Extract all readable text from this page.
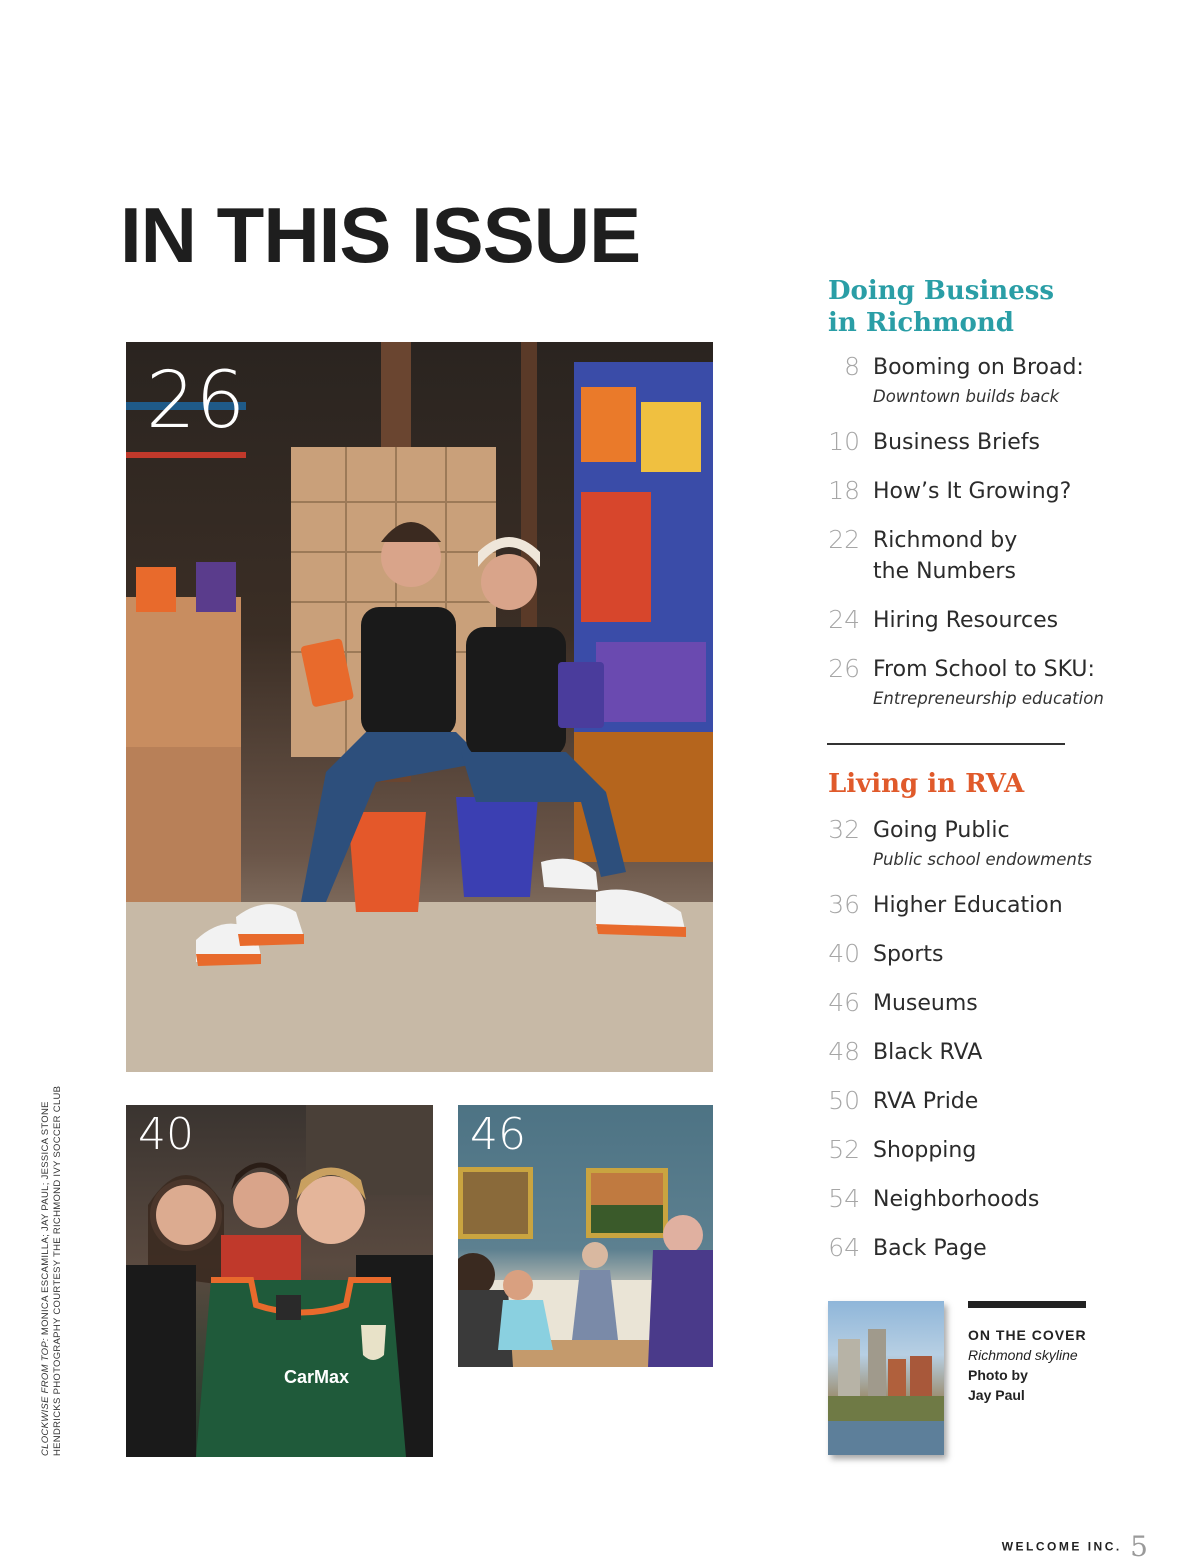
IN THIS ISSUE
26
CarMax
40	46
CLOCKWISE FROM TOP: MONICA ESCAMILLA; JAY PAUL; JESSICA STONE HENDRICKS PHOTOGRAPHY COURTESY THE RICHMOND IVY SOCCER CLUB
Doing Business in Richmond
8 Booming on Broad:
Downtown builds back
10 Business Briefs
18 How’s It Growing?
22 Richmond by
the Numbers
24 Hiring Resources
26 From School to SKU:
Entrepreneurship education
Living in RVA
32 Going Public
Public school endowments
36 Higher Education
40 Sports
46 Museums
48 Black RVA
50 RVA Pride
52 Shopping
54 Neighborhoods
64 Back Page
ON THE COVER
Richmond skyline
Photo by
Jay Paul
WELCOME INC. 5
